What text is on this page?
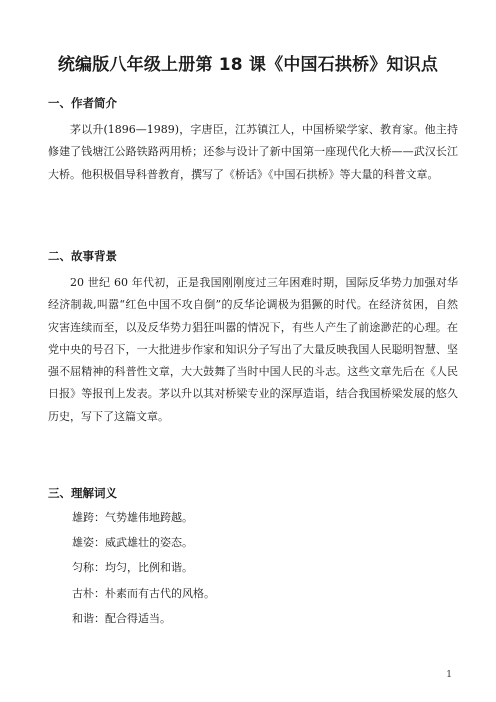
统编版八年级上册第 18 课《中国石拱桥》知识点

一、作者简介

茅以升(1896—1989)，字唐臣，江苏镇江人，中国桥梁学家、教育家。他主持修建了钱塘江公路铁路两用桥；还参与设计了新中国第一座现代化大桥——武汉长江大桥。他积极倡导科普教育，撰写了《桥话》《中国石拱桥》等大量的科普文章。

二、故事背景

20 世纪 60 年代初，正是我国刚刚度过三年困难时期，国际反华势力加强对华经济制裁,叫嚣“红色中国不攻自倒”的反华论调极为猖獗的时代。在经济贫困，自然灾害连续而至，以及反华势力猖狂叫嚣的情况下，有些人产生了前途渺茫的心理。在党中央的号召下，一大批进步作家和知识分子写出了大量反映我国人民聪明智慧、坚强不屈精神的科普性文章，大大鼓舞了当时中国人民的斗志。这些文章先后在《人民日报》等报刊上发表。茅以升以其对桥梁专业的深厚造诣，结合我国桥梁发展的悠久历史，写下了这篇文章。

三、理解词义

雄跨：气势雄伟地跨越。
雄姿：威武雄壮的姿态。
匀称：均匀，比例和谐。
古朴：朴素而有古代的风格。
和谐：配合得适当。
1
